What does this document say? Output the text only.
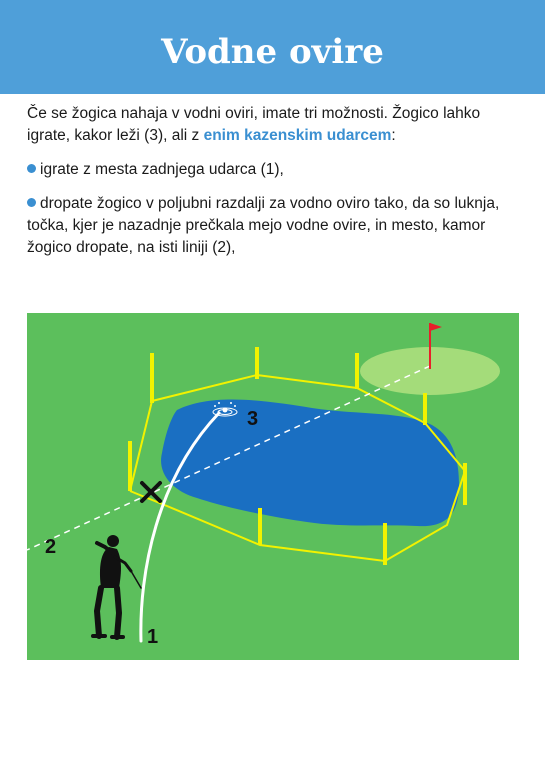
Vodne ovire

Če se žogica nahaja v vodni oviri, imate tri možnosti. Žogico lahko igrate, kakor leži (3), ali z enim kazenskim udarcem:

igrate z mesta zadnjega udarca (1),

dropate žogico v poljubni razdalji za vodno oviro tako, da so luknja, točka, kjer je nazadnje prečkala mejo vodne ovire, in mesto, kamor žogico dropate, na isti liniji (2),

1
2
3
